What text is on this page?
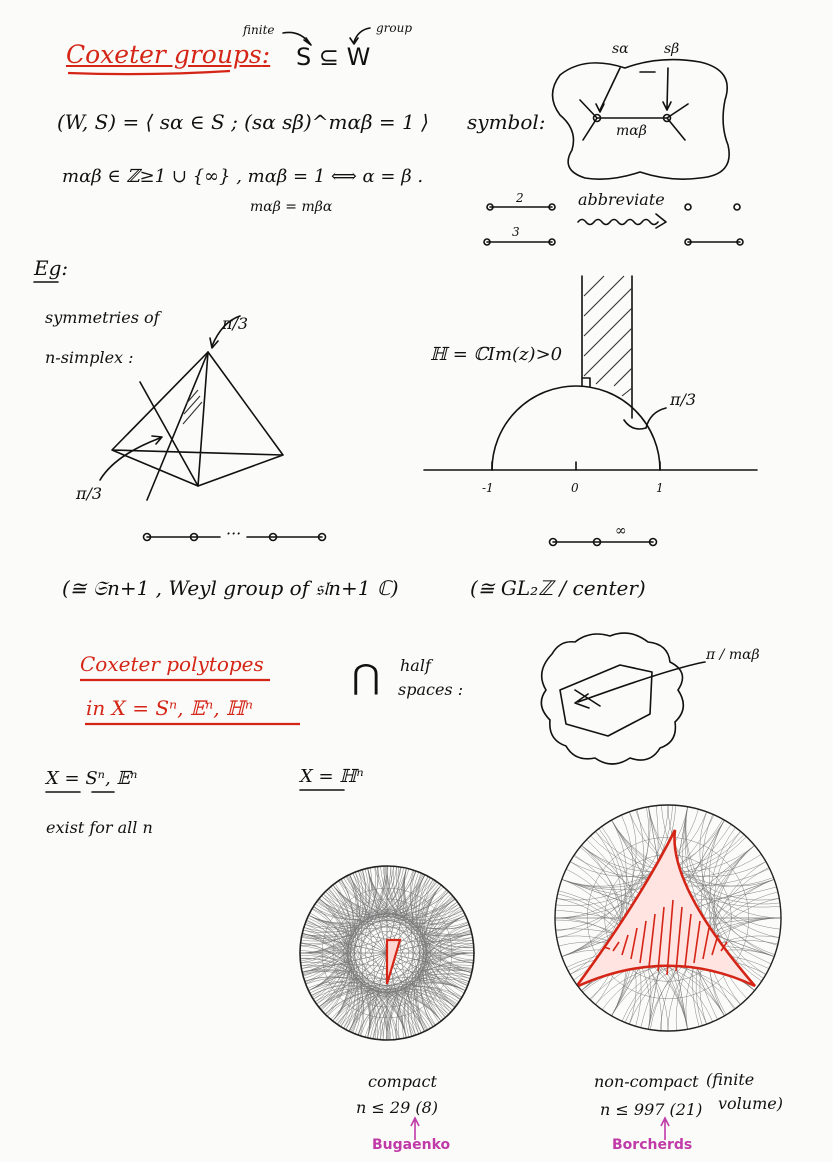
Coxeter groups:
finite	group
S ⊆ W
(W, S) = ⟨ sα ∈ S ; (sα sβ)^mαβ = 1 ⟩
mαβ ∈ ℤ≥1 ∪ {∞} , mαβ = 1 ⟺ α = β .
mαβ = mβα
symbol:
sα	sβ
mαβ
2
3
abbreviate
Eg:
symmetries of
n-simplex :
π/3
π/3
···
(≅ 𝔖n+1 , Weyl group of 𝔰𝔩n+1 ℂ)
ℍ = ℂIm(z)>0
π/3
-1	0	1
∞
(≅ GL₂ℤ / center)
Coxeter polytopes
in X = Sⁿ, 𝔼ⁿ, ℍⁿ
⋂ half
spaces :
π / mαβ
X = Sⁿ, 𝔼ⁿ
exist for all n
X = ℍⁿ
compact
n ≤ 29 (8)
Bugaenko
non-compact (finite
volume)
n ≤ 997 (21)
Borcherds
